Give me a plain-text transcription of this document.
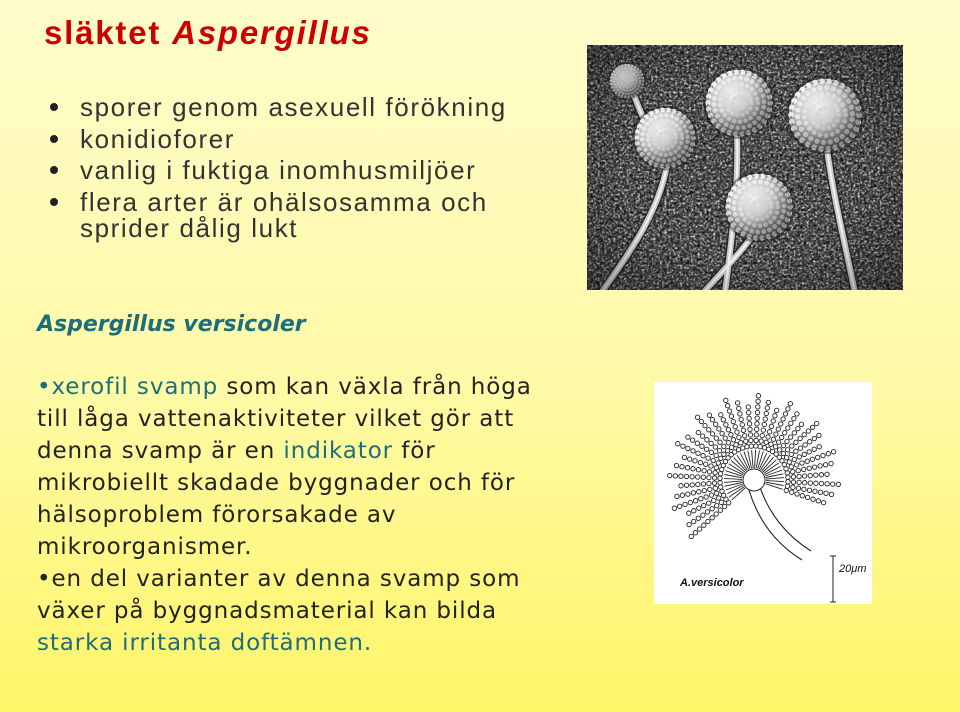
släktet Aspergillus
sporer genom asexuell förökning
konidioforer
vanlig i fuktiga inomhusmiljöer
flera arter är ohälsosamma och
sprider dålig lukt
Aspergillus versicoler
•xerofil svamp som kan växla från höga
till låga vattenaktiviteter vilket gör att
denna svamp är en indikator för
mikrobiellt skadade byggnader och för
hälsoproblem förorsakade av
mikroorganismer.
•en del varianter av denna svamp som
växer på byggnadsmaterial kan bilda
starka irritanta doftämnen.
A.versicolor
20μm
